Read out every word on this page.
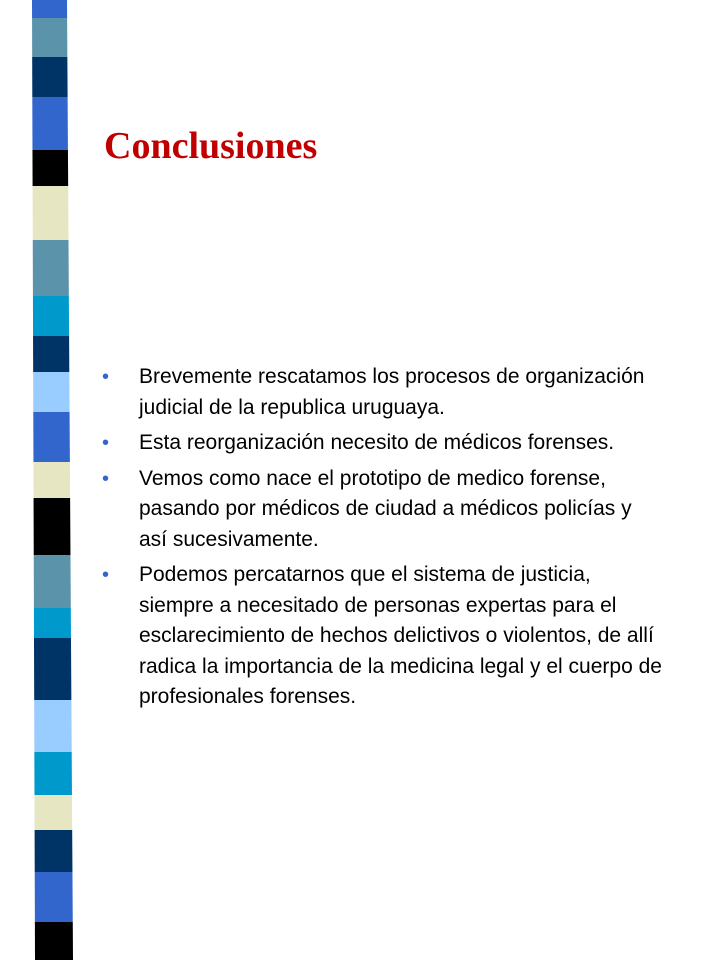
Conclusiones
• Brevemente rescatamos los procesos de organización judicial de la republica uruguaya.
• Esta reorganización necesito de médicos forenses.
• Vemos como nace el prototipo de medico forense, pasando por médicos de ciudad a médicos policías y así sucesivamente.
• Podemos percatarnos que el sistema de justicia, siempre a necesitado de personas expertas para el esclarecimiento de hechos delictivos o violentos, de allí radica la importancia de la medicina legal y el cuerpo de profesionales forenses.
